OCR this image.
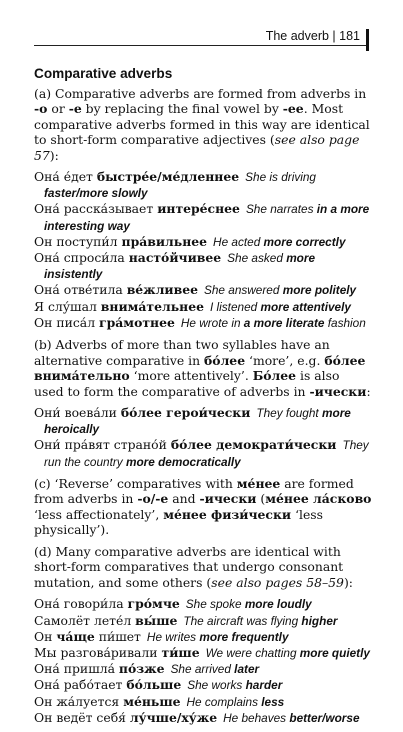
The adverb | 181
Comparative adverbs

(a) Comparative adverbs are formed from adverbs in -o or -e by replacing the final vowel by -ee. Most comparative adverbs formed in this way are identical to short-form comparative adjectives (see also page 57):

Она́ е́дет быстре́е/ме́дленнее She is driving faster/more slowly
Она́ расска́зывает интере́снее She narrates in a more interesting way
Он поступи́л пра́вильнее He acted more correctly
Она́ спроси́ла насто́йчивее She asked more insistently
Она́ отве́тила ве́жливее She answered more politely
Я слу́шал внима́тельнее I listened more attentively
Он писа́л гра́мотнее He wrote in a more literate fashion

(b) Adverbs of more than two syllables have an alternative comparative in бо́лее ‘more’, e.g. бо́лее внима́тельно ‘more attentively’. Бо́лее is also used to form the comparative of adverbs in -ически:

Они́ воева́ли бо́лее герои́чески They fought more heroically
Они́ пра́вят страно́й бо́лее демократи́чески They run the country more democratically

(c) ‘Reverse’ comparatives with ме́нее are formed from adverbs in -o/-e and -ически (ме́нее ла́сково ‘less affectionately’, ме́нее физи́чески ‘less physically’).

(d) Many comparative adverbs are identical with short-form comparatives that undergo consonant mutation, and some others (see also pages 58–59):

Она́ говори́ла гро́мче She spoke more loudly
Самолёт лете́л вы́ше The aircraft was flying higher
Он ча́ще пи́шет He writes more frequently
Мы разгова́ривали ти́ше We were chatting more quietly
Она́ пришла́ по́зже She arrived later
Она́ рабо́тает бо́льше She works harder
Он жа́луется ме́ньше He complains less
Он ведёт себя́ лу́чше/ху́же He behaves better/worse
